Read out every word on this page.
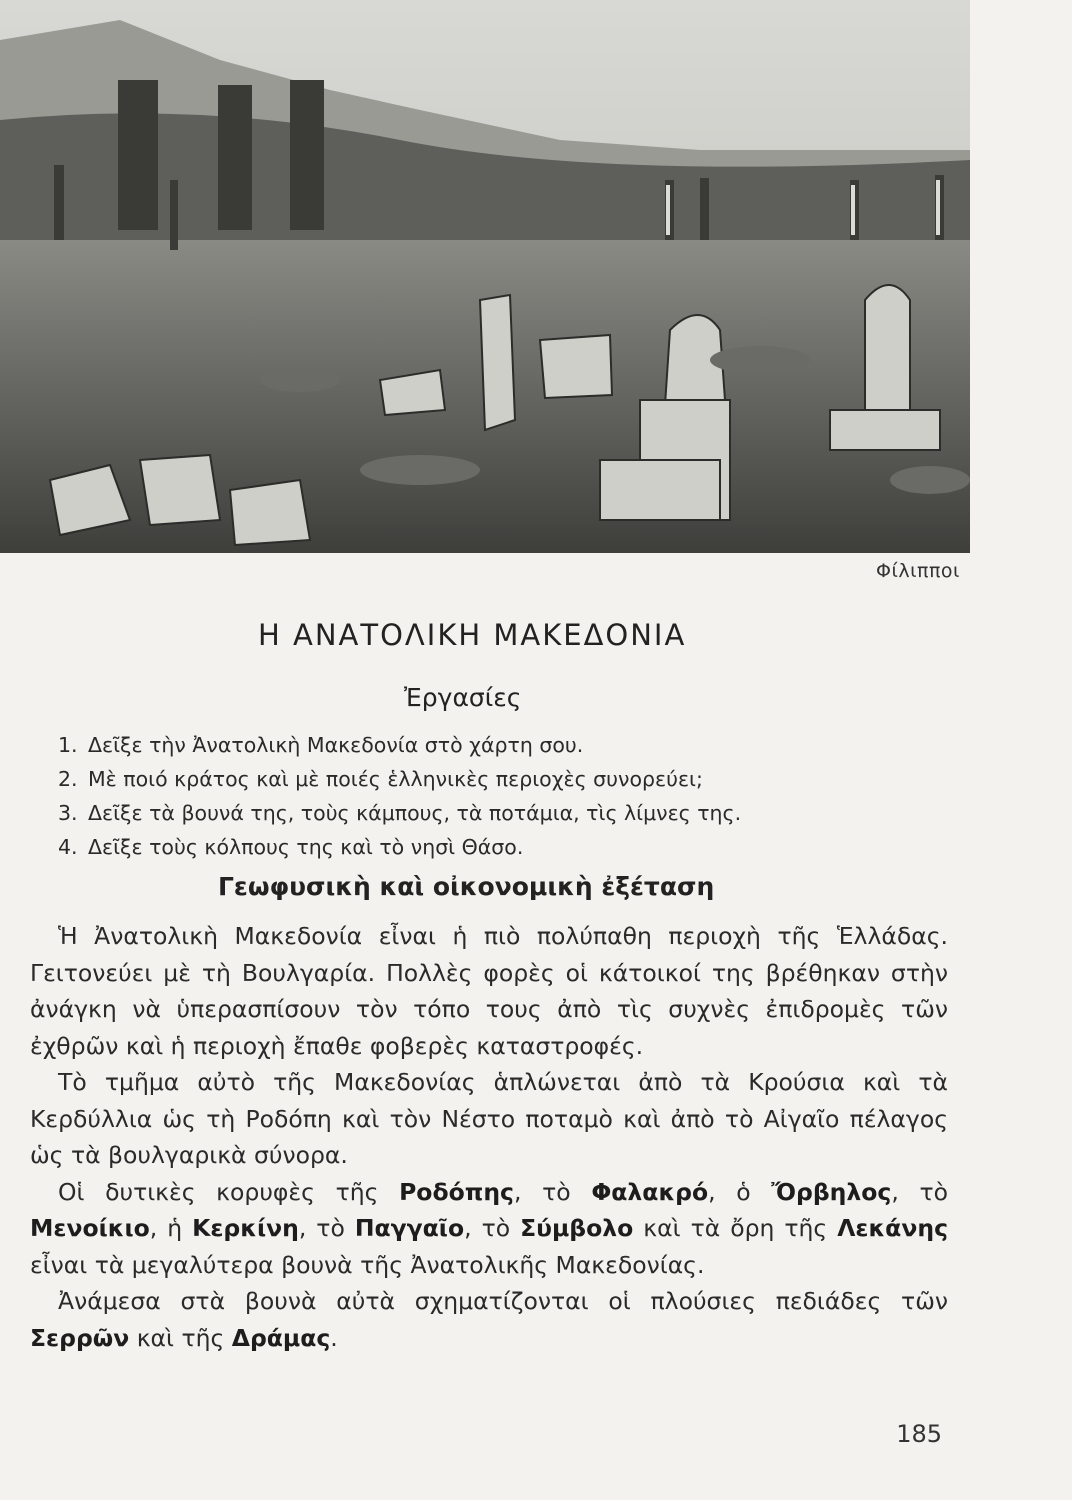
Φίλιπποι
Η ΑΝΑΤΟΛΙΚΗ ΜΑΚΕΔΟΝΙΑ
Ἐργασίες
1. Δεῖξε τὴν Ἀνατολικὴ Μακεδονία στὸ χάρτη σου.
2. Μὲ ποιό κράτος καὶ μὲ ποιές ἑλληνικὲς περιοχὲς συνορεύει;
3. Δεῖξε τὰ βουνά της, τοὺς κάμπους, τὰ ποτάμια, τὶς λίμνες της.
4. Δεῖξε τοὺς κόλπους της καὶ τὸ νησὶ Θάσο.
Γεωφυσικὴ καὶ οἰκονομικὴ ἐξέταση

Ἡ Ἀνατολικὴ Μακεδονία εἶναι ἡ πιὸ πολύπαθη περιοχὴ τῆς Ἑλλάδας. Γειτονεύει μὲ τὴ Βουλγαρία. Πολλὲς φορὲς οἱ κάτοικοί της βρέθηκαν στὴν ἀνάγκη νὰ ὑπερασπίσουν τὸν τόπο τους ἀπὸ τὶς συχνὲς ἐπιδρομὲς τῶν ἐχθρῶν καὶ ἡ περιοχὴ ἔπαθε φοβερὲς καταστροφές.

Τὸ τμῆμα αὐτὸ τῆς Μακεδονίας ἁπλώνεται ἀπὸ τὰ Κρούσια καὶ τὰ Κερδύλλια ὡς τὴ Ροδόπη καὶ τὸν Νέστο ποταμὸ καὶ ἀπὸ τὸ Αἰγαῖο πέλαγος ὡς τὰ βουλγαρικὰ σύνορα.

Οἱ δυτικὲς κορυφὲς τῆς Ροδόπης, τὸ Φαλακρό, ὁ Ὄρβηλος, τὸ Μενοίκιο, ἡ Κερκίνη, τὸ Παγγαῖο, τὸ Σύμβολο καὶ τὰ ὄρη τῆς Λεκάνης εἶναι τὰ μεγαλύτερα βουνὰ τῆς Ἀνατολικῆς Μακεδονίας.

Ἀνάμεσα στὰ βουνὰ αὐτὰ σχηματίζονται οἱ πλούσιες πεδιάδες τῶν Σερρῶν καὶ τῆς Δράμας.

185
